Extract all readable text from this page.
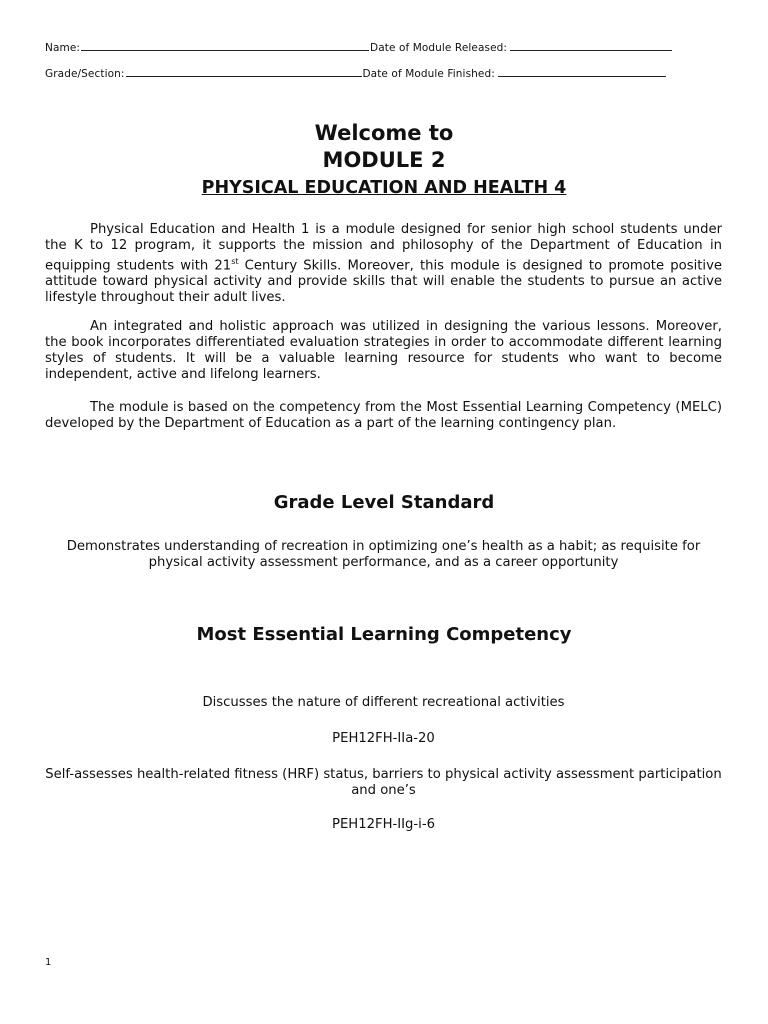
Name:	Date of Module Released:
Grade/Section:	Date of Module Finished:
Welcome to
MODULE 2
PHYSICAL EDUCATION AND HEALTH 4

Physical Education and Health 1 is a module designed for senior high school students under the K to 12 program, it supports the mission and philosophy of the Department of Education in equipping students with 21st Century Skills. Moreover, this module is designed to promote positive attitude toward physical activity and provide skills that will enable the students to pursue an active lifestyle throughout their adult lives.

An integrated and holistic approach was utilized in designing the various lessons. Moreover, the book incorporates differentiated evaluation strategies in order to accommodate different learning styles of students. It will be a valuable learning resource for students who want to become independent, active and lifelong learners.

The module is based on the competency from the Most Essential Learning Competency (MELC) developed by the Department of Education as a part of the learning contingency plan.

Grade Level Standard
Demonstrates understanding of recreation in optimizing one’s health as a habit; as requisite for physical activity assessment performance, and as a career opportunity
Most Essential Learning Competency
Discusses the nature of different recreational activities
PEH12FH-IIa-20
Self-assesses health-related fitness (HRF) status, barriers to physical activity assessment participation and one’s
PEH12FH-IIg-i-6
1
